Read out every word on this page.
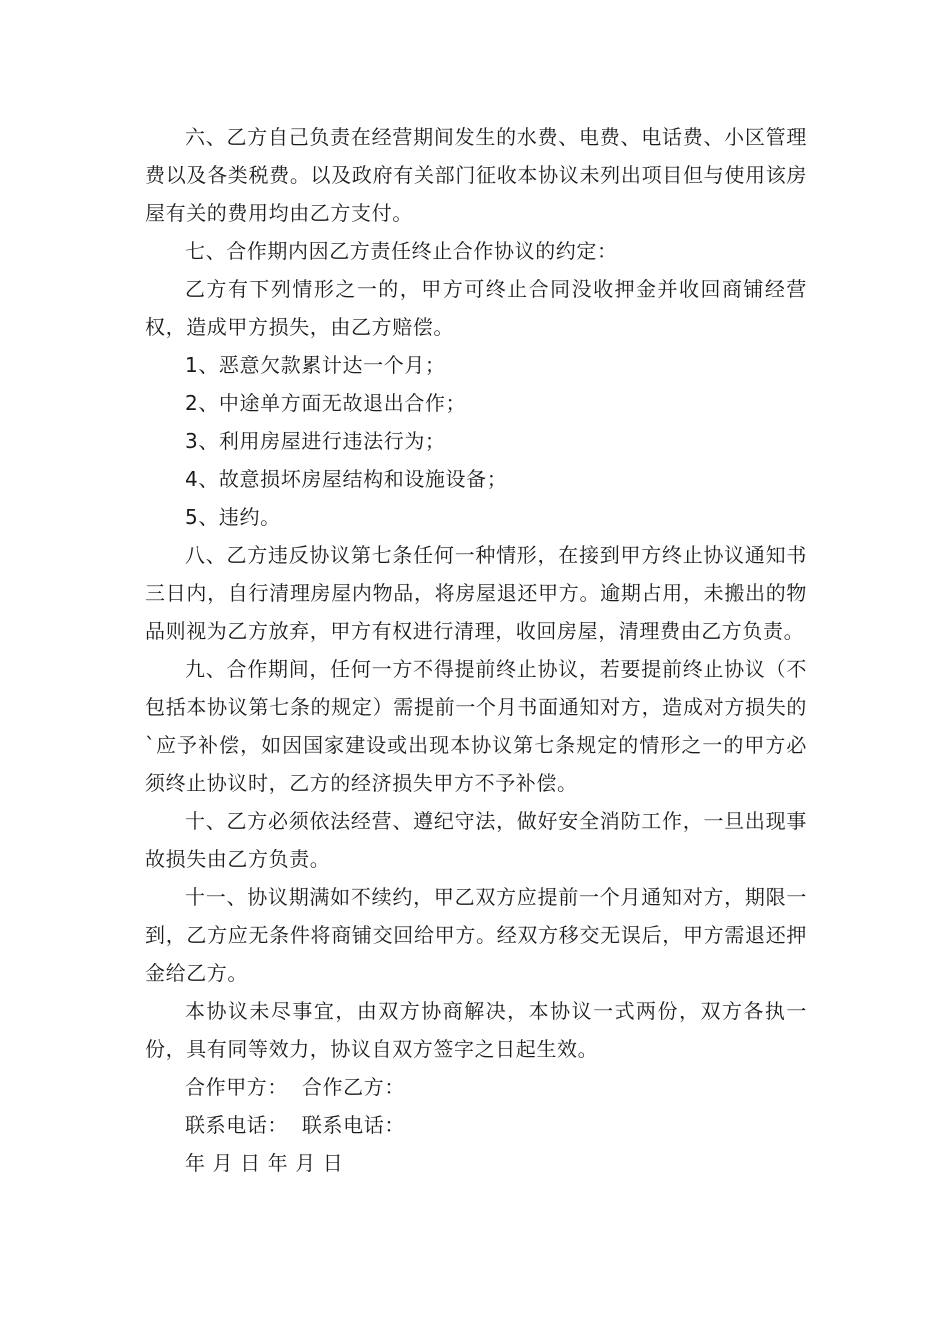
六、乙方自己负责在经营期间发生的水费、电费、电话费、小区管理费以及各类税费。以及政府有关部门征收本协议未列出项目但与使用该房屋有关的费用均由乙方支付。

七、合作期内因乙方责任终止合作协议的约定：

乙方有下列情形之一的，甲方可终止合同没收押金并收回商铺经营权，造成甲方损失，由乙方赔偿。

1、恶意欠款累计达一个月；

2、中途单方面无故退出合作；

3、利用房屋进行违法行为；

4、故意损坏房屋结构和设施设备；

5、违约。

八、乙方违反协议第七条任何一种情形，在接到甲方终止协议通知书三日内，自行清理房屋内物品，将房屋退还甲方。逾期占用，未搬出的物品则视为乙方放弃，甲方有权进行清理，收回房屋，清理费由乙方负责。

九、合作期间，任何一方不得提前终止协议，若要提前终止协议（不包括本协议第七条的规定）需提前一个月书面通知对方，造成对方损失的`应予补偿，如因国家建设或出现本协议第七条规定的情形之一的甲方必须终止协议时，乙方的经济损失甲方不予补偿。

十、乙方必须依法经营、遵纪守法，做好安全消防工作，一旦出现事故损失由乙方负责。

十一、协议期满如不续约，甲乙双方应提前一个月通知对方，期限一到，乙方应无条件将商铺交回给甲方。经双方移交无误后，甲方需退还押金给乙方。

本协议未尽事宜，由双方协商解决，本协议一式两份，双方各执一份，具有同等效力，协议自双方签字之日起生效。

合作甲方：  合作乙方：

联系电话：  联系电话：

年 月 日 年 月 日
